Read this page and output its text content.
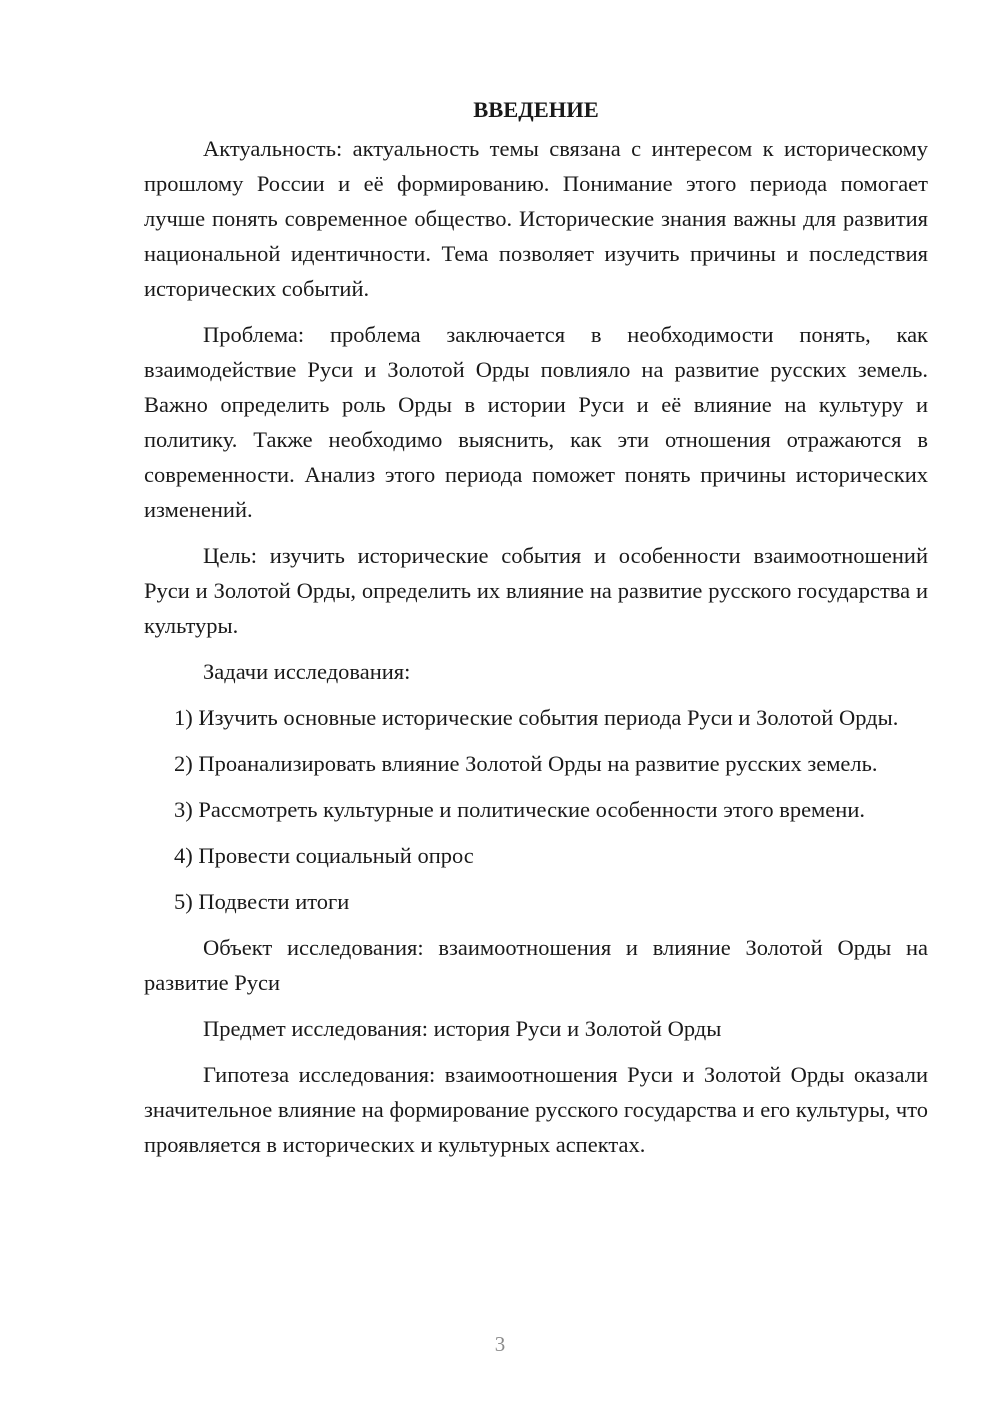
ВВЕДЕНИЕ

Актуальность: актуальность темы связана с интересом к историческому прошлому России и её формированию. Понимание этого периода помогает лучше понять современное общество. Исторические знания важны для развития национальной идентичности. Тема позволяет изучить причины и последствия исторических событий.

Проблема: проблема заключается в необходимости понять, как взаимодействие Руси и Золотой Орды повлияло на развитие русских земель. Важно определить роль Орды в истории Руси и её влияние на культуру и политику. Также необходимо выяснить, как эти отношения отражаются в современности. Анализ этого периода поможет понять причины исторических изменений.

Цель: изучить исторические события и особенности взаимоотношений Руси и Золотой Орды, определить их влияние на развитие русского государства и культуры.

Задачи исследования:

1) Изучить основные исторические события периода Руси и Золотой Орды.

2) Проанализировать влияние Золотой Орды на развитие русских земель.

3) Рассмотреть культурные и политические особенности этого времени.

4) Провести социальный опрос

5) Подвести итоги

Объект исследования: взаимоотношения и влияние Золотой Орды на развитие Руси

Предмет исследования: история Руси и Золотой Орды

Гипотеза исследования: взаимоотношения Руси и Золотой Орды оказали значительное влияние на формирование русского государства и его культуры, что проявляется в исторических и культурных аспектах.

3
